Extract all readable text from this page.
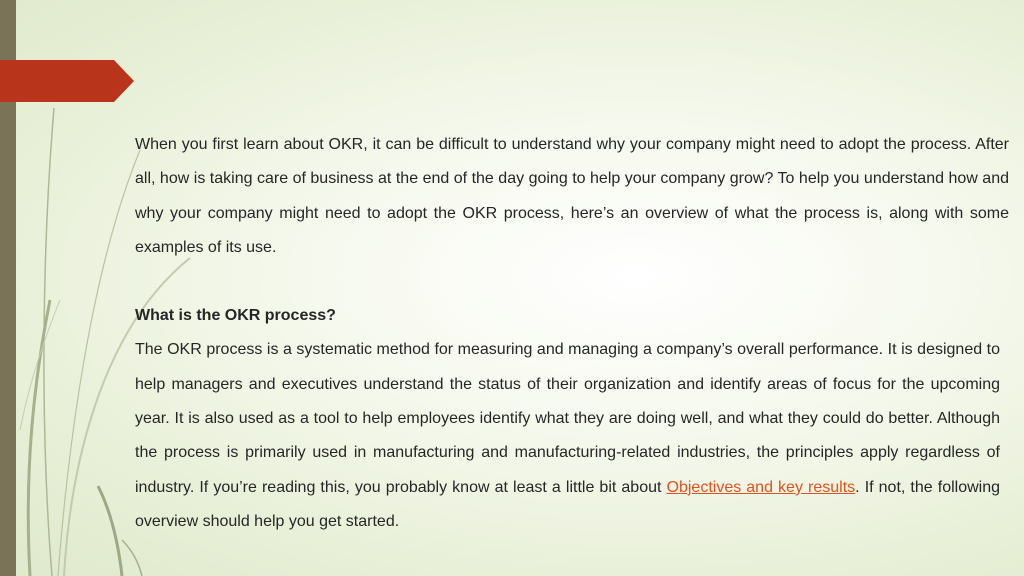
When you first learn about OKR, it can be difficult to understand why your company might need to adopt the process. After all, how is taking care of business at the end of the day going to help your company grow? To help you understand how and why your company might need to adopt the OKR process, here’s an overview of what the process is, along with some examples of its use.

What is the OKR process?

The OKR process is a systematic method for measuring and managing a company’s overall performance. It is designed to help managers and executives understand the status of their organization and identify areas of focus for the upcoming year. It is also used as a tool to help employees identify what they are doing well, and what they could do better. Although the process is primarily used in manufacturing and manufacturing-related industries, the principles apply regardless of industry. If you’re reading this, you probably know at least a little bit about Objectives and key results. If not, the following overview should help you get started.
